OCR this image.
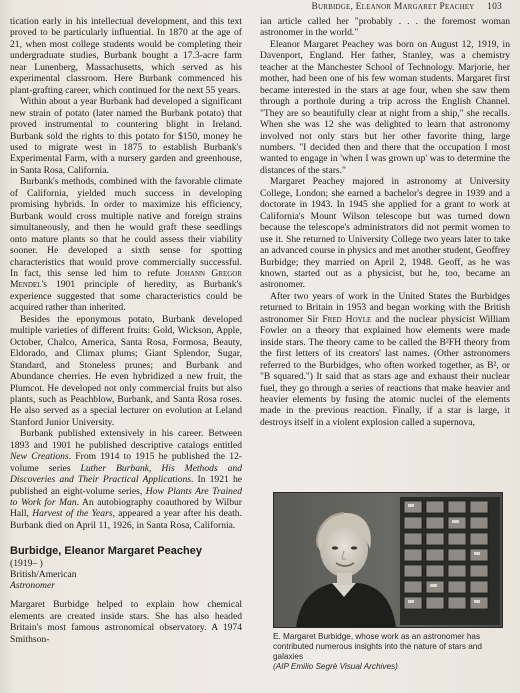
Burbidge, Eleanor Margaret Peachey 103

tication early in his intellectual development, and this text proved to be particularly influential. In 1870 at the age of 21, when most college students would be completing their undergraduate studies, Burbank bought a 17.3-acre farm near Lunenberg, Massachusetts, which served as his experimental classroom. Here Burbank commenced his plant-grafting career, which continued for the next 55 years.

Within about a year Burbank had developed a significant new strain of potato (later named the Burbank potato) that proved instrumental to countering blight in Ireland. Burbank sold the rights to this potato for $150, money he used to migrate west in 1875 to establish Burbank's Experimental Farm, with a nursery garden and greenhouse, in Santa Rosa, California.

Burbank's methods, combined with the favorable climate of California, yielded much success in developing promising hybrids. In order to maximize his efficiency, Burbank would cross multiple native and foreign strains simultaneously, and then he would graft these seedlings onto mature plants so that he could assess their viability sooner. He developed a sixth sense for spotting characteristics that would prove commercially successful. In fact, this sense led him to refute Johann Gregor Mendel's 1901 principle of heredity, as Burbank's experience suggested that some characteristics could be acquired rather than inherited.

Besides the eponymous potato, Burbank developed multiple varieties of different fruits: Gold, Wickson, Apple, October, Chalco, America, Santa Rosa, Formosa, Beauty, Eldorado, and Climax plums; Giant Splendor, Sugar, Standard, and Stoneless prunes; and Burbank and Abundance cherries. He even hybridized a new fruit, the Plumcot. He developed not only commercial fruits but also plants, such as Peachblow, Burbank, and Santa Rosa roses. He also served as a special lecturer on evolution at Leland Stanford Junior University.

Burbank published extensively in his career. Between 1893 and 1901 he published descriptive catalogs entitled New Creations. From 1914 to 1915 he published the 12-volume series Luther Burbank, His Methods and Discoveries and Their Practical Applications. In 1921 he published an eight-volume series, How Plants Are Trained to Work for Man. An autobiography coauthored by Wilbur Hall, Harvest of the Years, appeared a year after his death. Burbank died on April 11, 1926, in Santa Rosa, California.

Burbidge, Eleanor Margaret Peachey
(1919– )
British/American
Astronomer

Margaret Burbidge helped to explain how chemical elements are created inside stars. She has also headed Britain's most famous astronomical observatory. A 1974 Smithson-

ian article called her "probably . . . the foremost woman astronomer in the world."

Eleanor Margaret Peachey was born on August 12, 1919, in Davenport, England. Her father, Stanley, was a chemistry teacher at the Manchester School of Technology. Marjorie, her mother, had been one of his few woman students. Margaret first became interested in the stars at age four, when she saw them through a porthole during a trip across the English Channel. "They are so beautifully clear at night from a ship," she recalls. When she was 12 she was delighted to learn that astronomy involved not only stars but her other favorite thing, large numbers. "I decided then and there that the occupation I most wanted to engage in 'when I was grown up' was to determine the distances of the stars."

Margaret Peachey majored in astronomy at University College, London; she earned a bachelor's degree in 1939 and a doctorate in 1943. In 1945 she applied for a grant to work at California's Mount Wilson telescope but was turned down because the telescope's administrators did not permit women to use it. She returned to University College two years later to take an advanced course in physics and met another student, Geoffrey Burbidge; they married on April 2, 1948. Geoff, as he was known, started out as a physicist, but he, too, became an astronomer.

After two years of work in the United States the Burbidges returned to Britain in 1953 and began working with the British astronomer Sir Fred Hoyle and the nuclear physicist William Fowler on a theory that explained how elements were made inside stars. The theory came to be called the B²FH theory from the first letters of its creators' last names. (Other astronomers referred to the Burbidges, who often worked together, as B², or "B squared.") It said that as stars age and exhaust their nuclear fuel, they go through a series of reactions that make heavier and heavier elements by fusing the atomic nuclei of the elements made in the previous reaction. Finally, if a star is large, it destroys itself in a violent explosion called a supernova,

E. Margaret Burbidge, whose work as an astronomer has contributed numerous insights into the nature of stars and galaxies
(AIP Emilio Segrè Visual Archives)
